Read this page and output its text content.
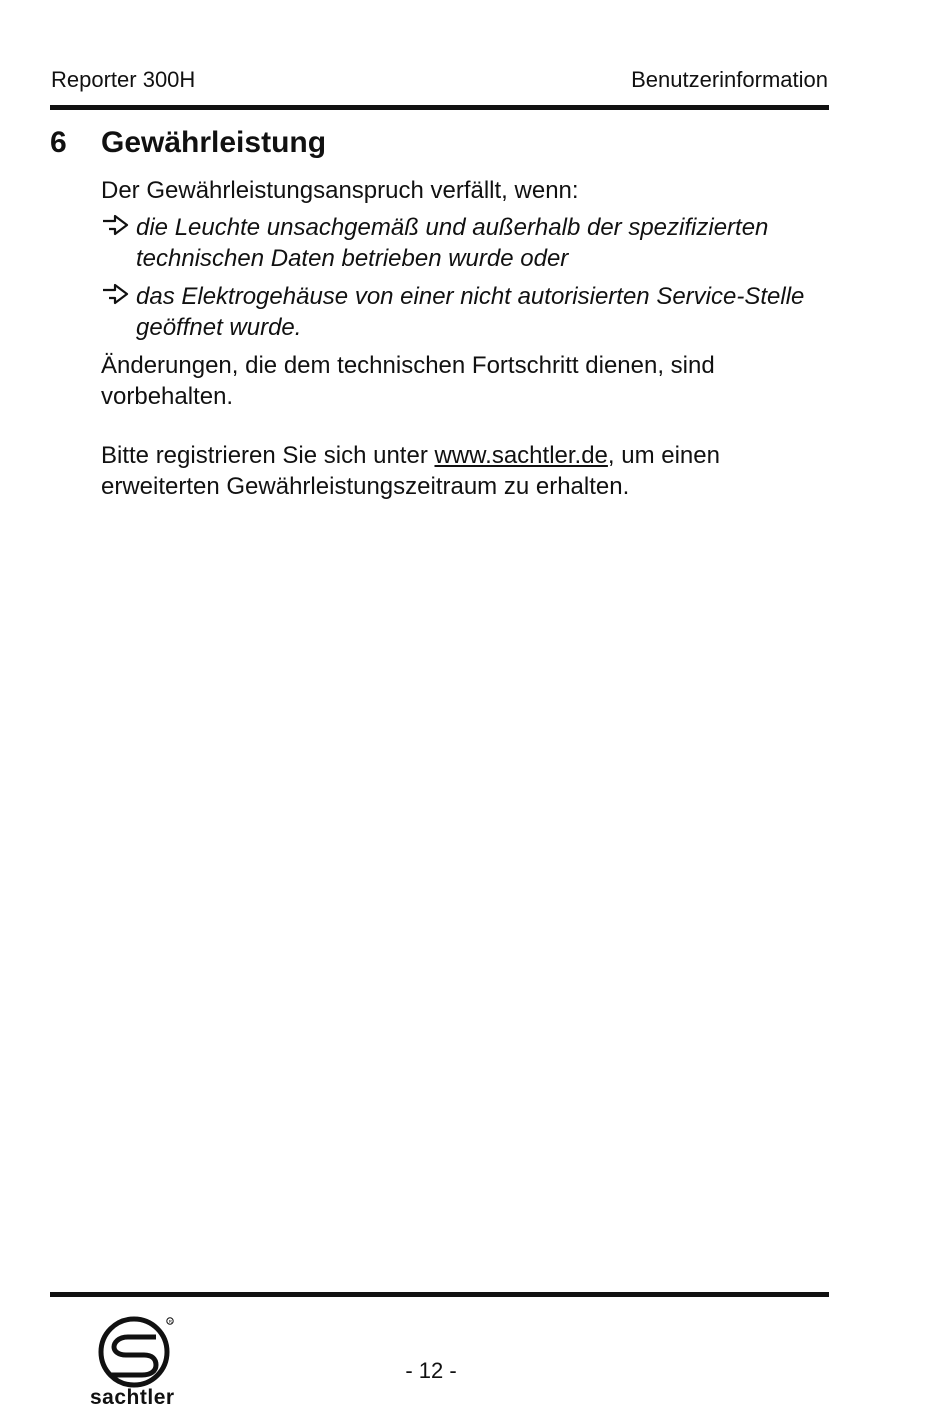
Reporter 300H	Benutzerinformation
6 Gewährleistung

Der Gewährleistungsanspruch verfällt, wenn:

die Leuchte unsachgemäß und außerhalb der spezifizierten technischen Daten betrieben wurde oder
das Elektrogehäuse von einer nicht autorisierten Service-Stelle geöffnet wurde.

Änderungen, die dem technischen Fortschritt dienen, sind vorbehalten.

Bitte registrieren Sie sich unter www.sachtler.de, um einen erweiterten Gewährleistungszeitraum zu erhalten.

R
sachtler
- 12 -
